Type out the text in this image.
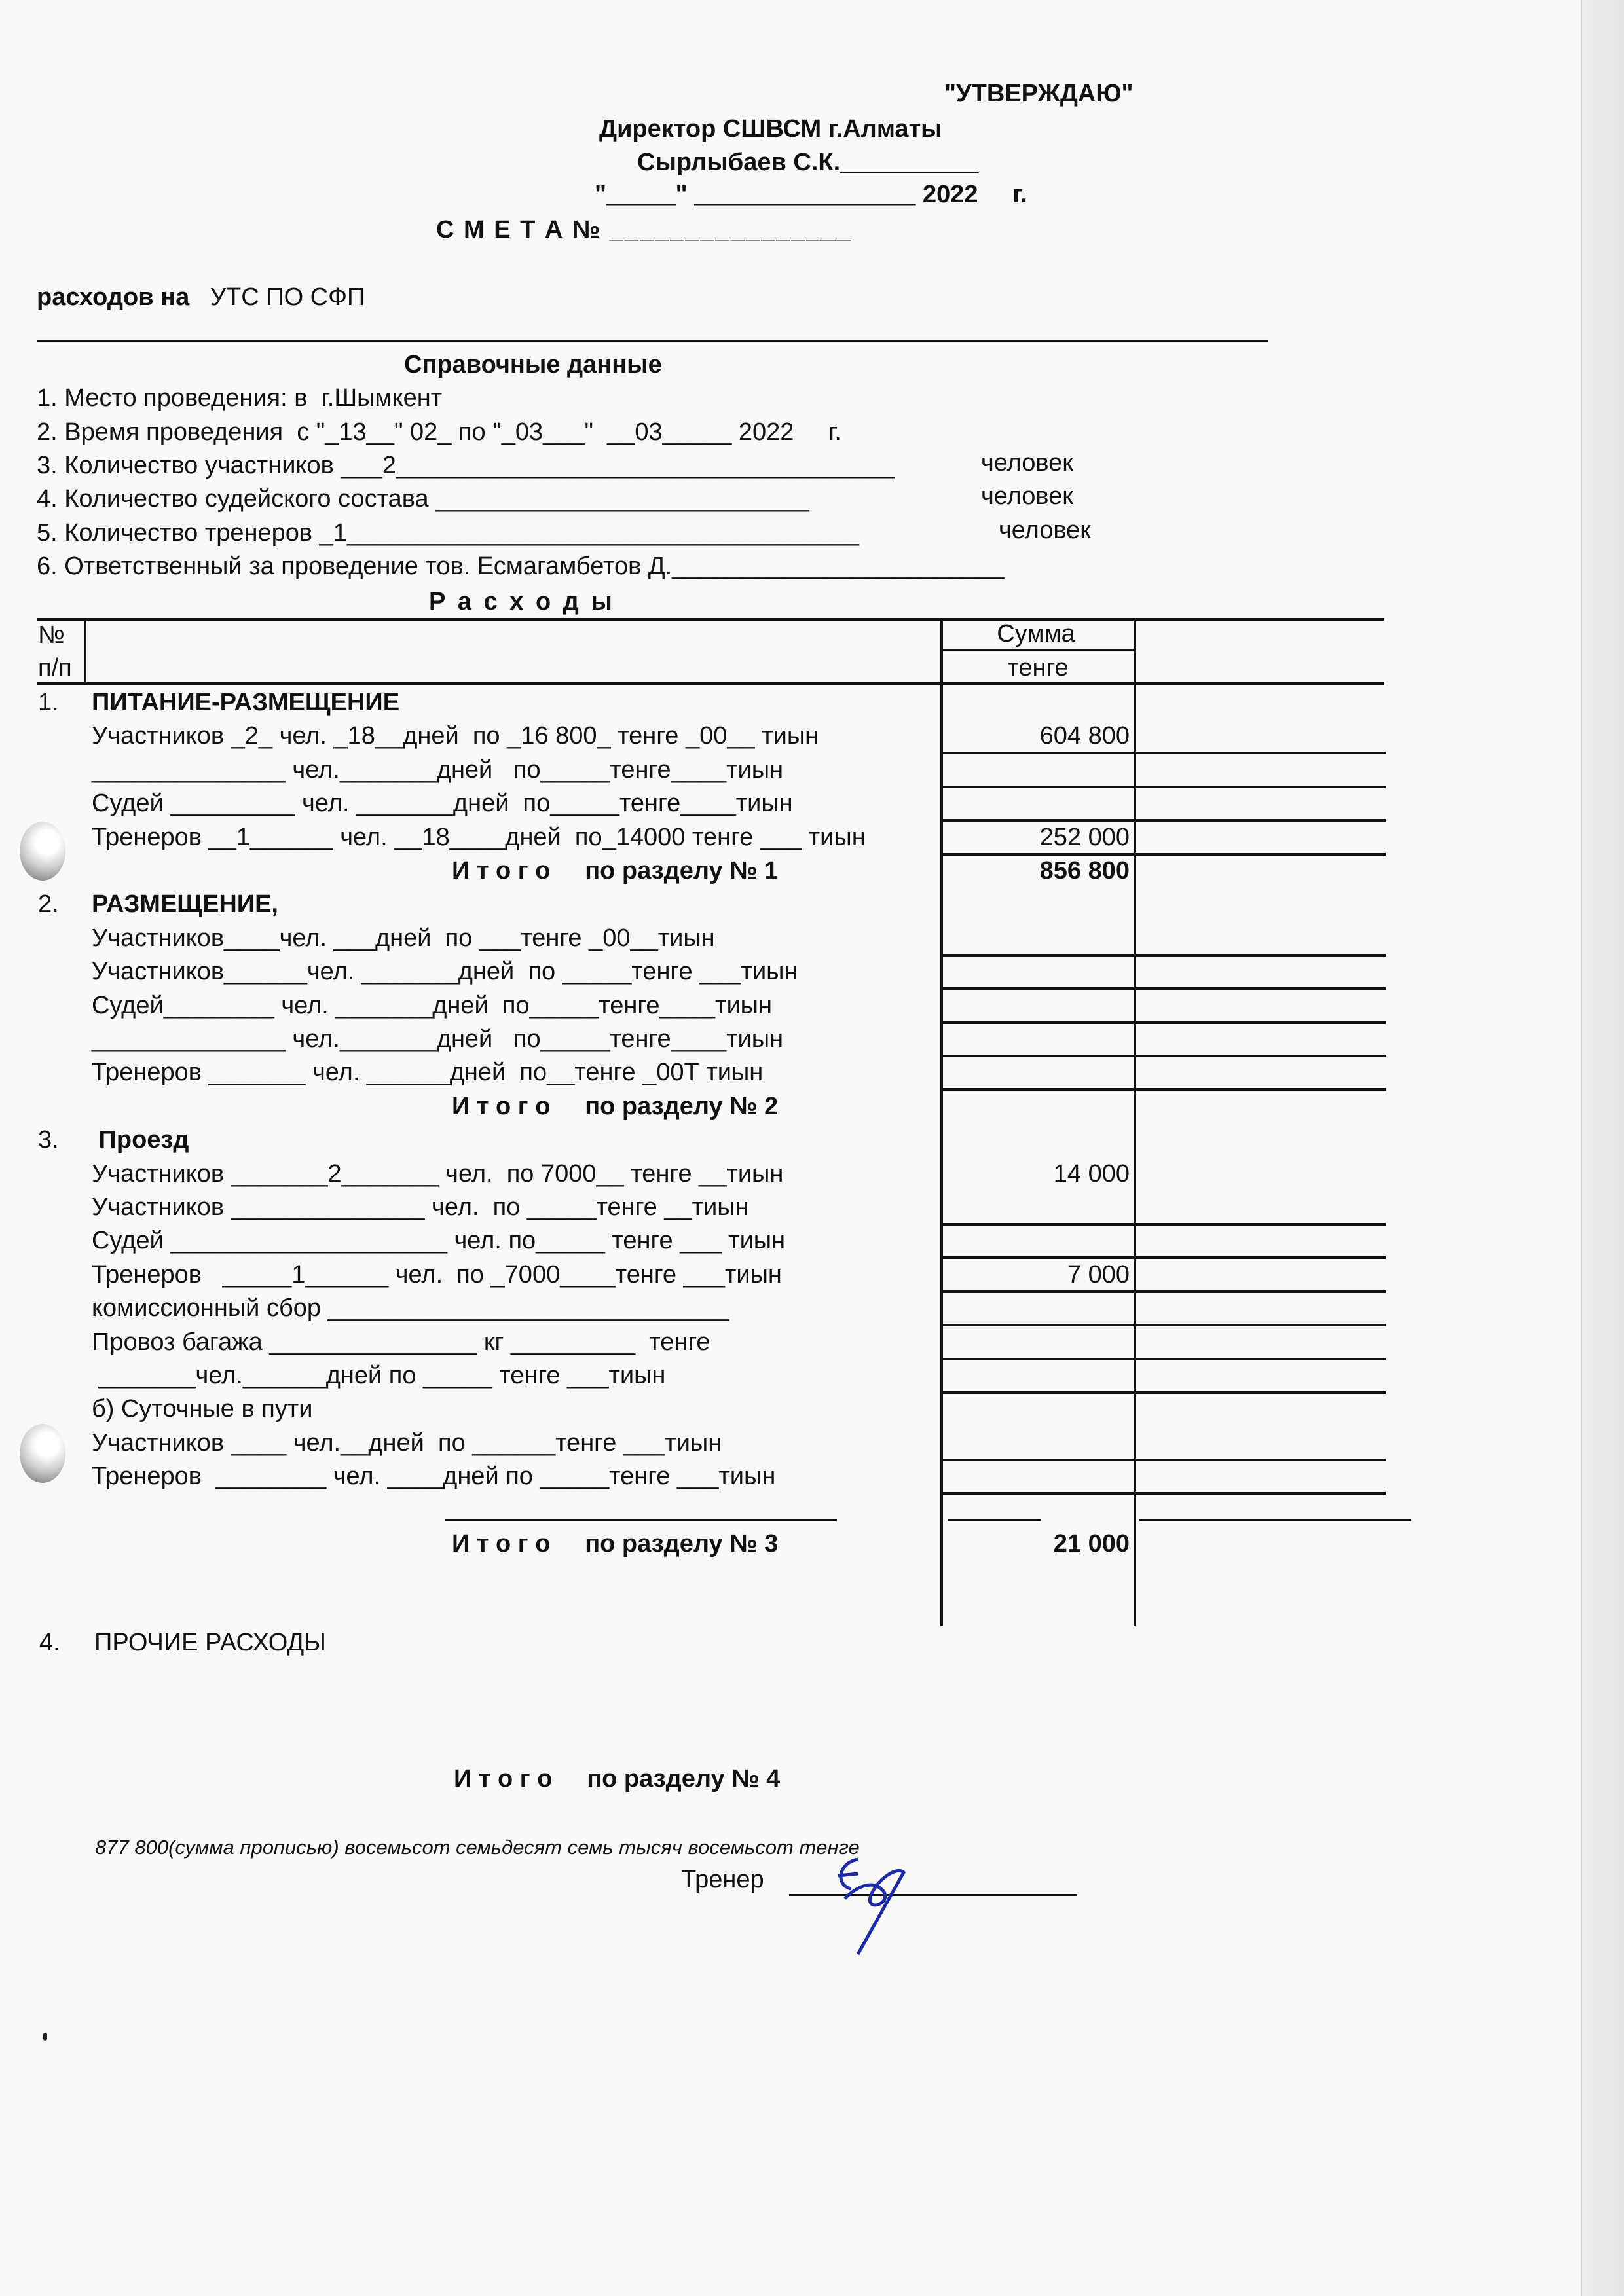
"УТВЕРЖДАЮ"
Директор СШВСМ г.Алматы
Сырлыбаев С.К.__________
"_____" ________________ 2022     г.
С М Е Т А № ________________
расходов на УТС ПО СФП
Справочные данные
1. Место проведения: в  г.Шымкент
2. Время проведения  с "_13__" 02_ по "_03___"  __03_____ 2022     г.
3. Количество участников ___2____________________________________	человек
4. Количество судейского состава ___________________________	человек
5. Количество тренеров _1_____________________________________	человек
6. Ответственный за проведение тов. Есмагамбетов Д.________________________
Р а с х о д ы
№
п/п
Сумма
тенге
1. ПИТАНИЕ-РАЗМЕЩЕНИЕ
Участников _2_ чел. _18__дней  по _16 800_ тенге _00__ тиын	604 800
______________ чел._______дней   по_____тенге____тиын
Судей _________ чел. _______дней  по_____тенге____тиын
Тренеров __1______ чел. __18____дней  по_14000 тенге ___ тиын	252 000
И т о г о     по разделу № 1	856 800
2. РАЗМЕЩЕНИЕ,
Участников____чел. ___дней  по ___тенге _00__тиын
Участников______чел. _______дней  по _____тенге ___тиын
Судей________ чел. _______дней  по_____тенге____тиын
______________ чел._______дней   по_____тенге____тиын
Тренеров _______ чел. ______дней  по__тенге _00Т тиын
И т о г о     по разделу № 2
3. Проезд
Участников _______2_______ чел.  по 7000__ тенге __тиын	14 000
Участников ______________ чел.  по _____тенге __тиын
Судей ____________________ чел. по_____ тенге ___ тиын
Тренеров   _____1______ чел.  по _7000____тенге ___тиын	7 000
комиссионный сбор _____________________________
Провоз багажа _______________ кг _________  тенге
_______чел.______дней по _____ тенге ___тиын
б) Суточные в пути
Участников ____ чел.__дней  по ______тенге ___тиын
Тренеров  ________ чел. ____дней по _____тенге ___тиын
И т о г о     по разделу № 3	21 000
4. ПРОЧИЕ РАСХОДЫ
И т о г о     по разделу № 4
877 800(сумма прописью) восемьсот семьдесят семь тысяч восемьсот тенге
Тренер
